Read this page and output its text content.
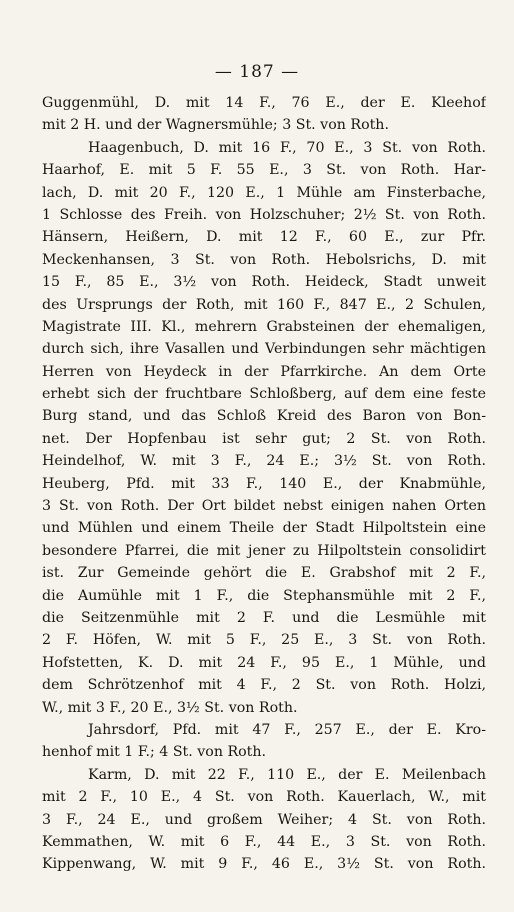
— 187 —
Guggenmühl, D. mit 14 F., 76 E., der E. Kleehof
mit 2 H. und der Wagnersmühle; 3 St. von Roth.
Haagenbuch, D. mit 16 F., 70 E., 3 St. von Roth.
Haarhof, E. mit 5 F. 55 E., 3 St. von Roth. Har-
lach, D. mit 20 F., 120 E., 1 Mühle am Finsterbache,
1 Schlosse des Freih. von Holzschuher; 2½ St. von Roth.
Hänsern, Heißern, D. mit 12 F., 60 E., zur Pfr.
Meckenhansen, 3 St. von Roth. Hebolsrichs, D. mit
15 F., 85 E., 3½ von Roth. Heideck, Stadt unweit
des Ursprungs der Roth, mit 160 F., 847 E., 2 Schulen,
Magistrate III. Kl., mehrern Grabsteinen der ehemaligen,
durch sich, ihre Vasallen und Verbindungen sehr mächtigen
Herren von Heydeck in der Pfarrkirche. An dem Orte
erhebt sich der fruchtbare Schloßberg, auf dem eine feste
Burg stand, und das Schloß Kreid des Baron von Bon-
net. Der Hopfenbau ist sehr gut; 2 St. von Roth.
Heindelhof, W. mit 3 F., 24 E.; 3½ St. von Roth.
Heuberg, Pfd. mit 33 F., 140 E., der Knabmühle,
3 St. von Roth. Der Ort bildet nebst einigen nahen Orten
und Mühlen und einem Theile der Stadt Hilpoltstein eine
besondere Pfarrei, die mit jener zu Hilpoltstein consolidirt
ist. Zur Gemeinde gehört die E. Grabshof mit 2 F.,
die Aumühle mit 1 F., die Stephansmühle mit 2 F.,
die Seitzenmühle mit 2 F. und die Lesmühle mit
2 F. Höfen, W. mit 5 F., 25 E., 3 St. von Roth.
Hofstetten, K. D. mit 24 F., 95 E., 1 Mühle, und
dem Schrötzenhof mit 4 F., 2 St. von Roth. Holzi,
W., mit 3 F., 20 E., 3½ St. von Roth.
Jahrsdorf, Pfd. mit 47 F., 257 E., der E. Kro-
henhof mit 1 F.; 4 St. von Roth.
Karm, D. mit 22 F., 110 E., der E. Meilenbach
mit 2 F., 10 E., 4 St. von Roth. Kauerlach, W., mit
3 F., 24 E., und großem Weiher; 4 St. von Roth.
Kemmathen, W. mit 6 F., 44 E., 3 St. von Roth.
Kippenwang, W. mit 9 F., 46 E., 3½ St. von Roth.
